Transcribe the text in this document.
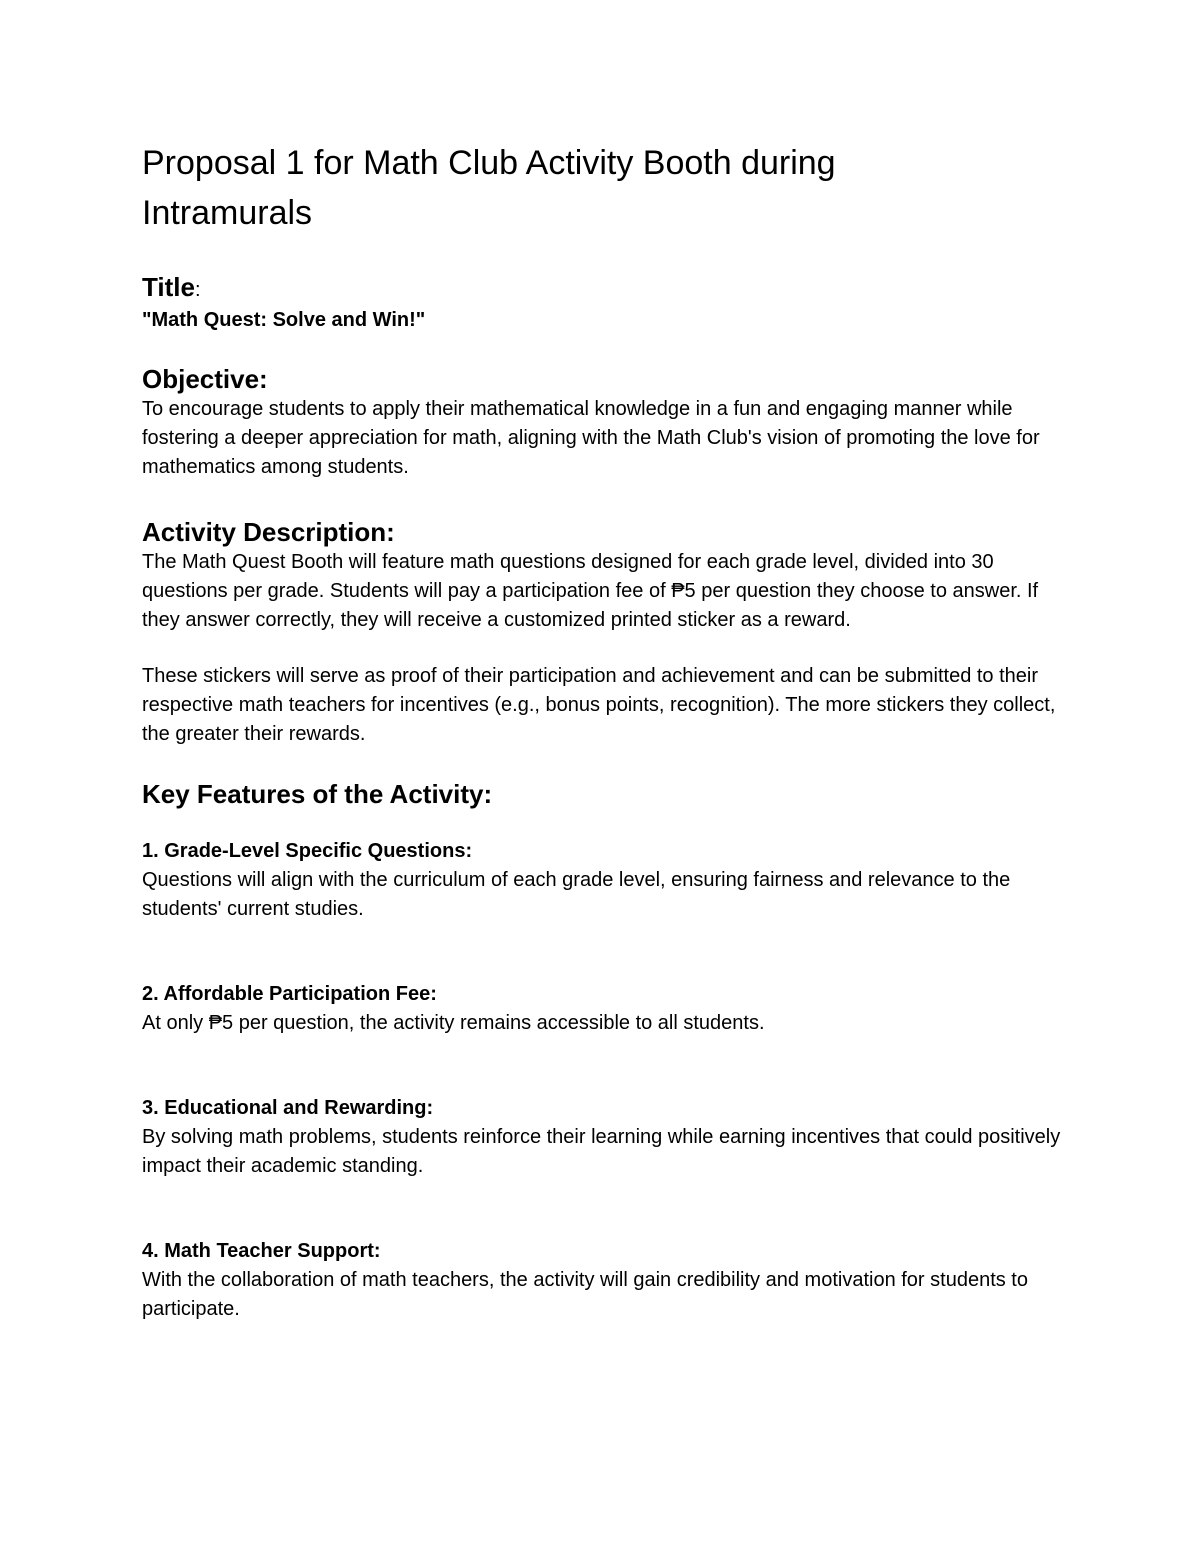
Proposal 1 for Math Club Activity Booth during Intramurals
Title:

"Math Quest: Solve and Win!"

Objective:

To encourage students to apply their mathematical knowledge in a fun and engaging manner while fostering a deeper appreciation for math, aligning with the Math Club's vision of promoting the love for mathematics among students.

Activity Description:

The Math Quest Booth will feature math questions designed for each grade level, divided into 30 questions per grade. Students will pay a participation fee of ₱5 per question they choose to answer. If they answer correctly, they will receive a customized printed sticker as a reward.

These stickers will serve as proof of their participation and achievement and can be submitted to their respective math teachers for incentives (e.g., bonus points, recognition). The more stickers they collect, the greater their rewards.

Key Features of the Activity:

1. Grade-Level Specific Questions:

Questions will align with the curriculum of each grade level, ensuring fairness and relevance to the students' current studies.

2. Affordable Participation Fee:

At only ₱5 per question, the activity remains accessible to all students.

3. Educational and Rewarding:

By solving math problems, students reinforce their learning while earning incentives that could positively impact their academic standing.

4. Math Teacher Support:

With the collaboration of math teachers, the activity will gain credibility and motivation for students to participate.
